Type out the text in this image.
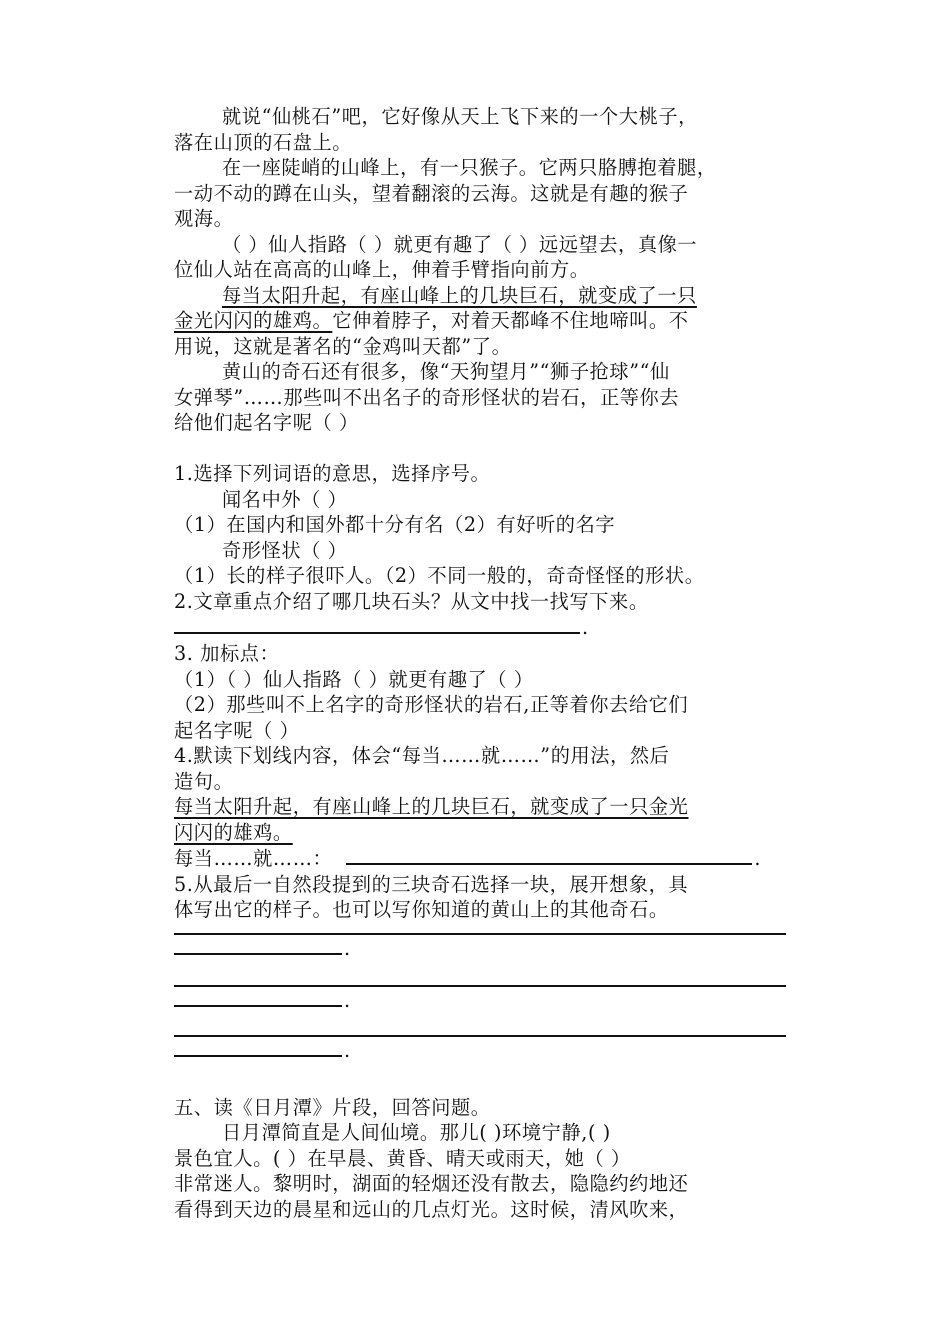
就说“仙桃石”吧，它好像从天上飞下来的一个大桃子，
落在山顶的石盘上。
在一座陡峭的山峰上，有一只猴子。它两只胳膊抱着腿，
一动不动的蹲在山头，望着翻滚的云海。这就是有趣的猴子
观海。
（ ）仙人指路（ ）就更有趣了（ ）远远望去，真像一
位仙人站在高高的山峰上，伸着手臂指向前方。
每当太阳升起，有座山峰上的几块巨石，就变成了一只
金光闪闪的雄鸡。它伸着脖子，对着天都峰不住地啼叫。不
用说，这就是著名的“金鸡叫天都”了。
黄山的奇石还有很多，像“天狗望月”“狮子抢球”“仙
女弹琴”……那些叫不出名子的奇形怪状的岩石，正等你去
给他们起名字呢（ ）
1.选择下列词语的意思，选择序号。
闻名中外（ ）
（1）在国内和国外都十分有名（2）有好听的名字
奇形怪状（ ）
（1）长的样子很吓人。（2）不同一般的，奇奇怪怪的形状。
2.文章重点介绍了哪几块石头？从文中找一找写下来。
.
3. 加标点：
（1）（ ）仙人指路（ ）就更有趣了（ ）
（2）那些叫不上名字的奇形怪状的岩石,正等着你去给它们
起名字呢（ ）
4.默读下划线内容，体会“每当……就……”的用法，然后
造句。
每当太阳升起，有座山峰上的几块巨石，就变成了一只金光
闪闪的雄鸡。
每当……就……：	.
5.从最后一自然段提到的三块奇石选择一块，展开想象，具
体写出它的样子。也可以写你知道的黄山上的其他奇石。
.
.
.
五、读《日月潭》片段，回答问题。
日月潭简直是人间仙境。那儿( )环境宁静,( )
景色宜人。( ）在早晨、黄昏、晴天或雨天，她（ ）
非常迷人。黎明时，湖面的轻烟还没有散去，隐隐约约地还
看得到天边的晨星和远山的几点灯光。这时候，清风吹来，
